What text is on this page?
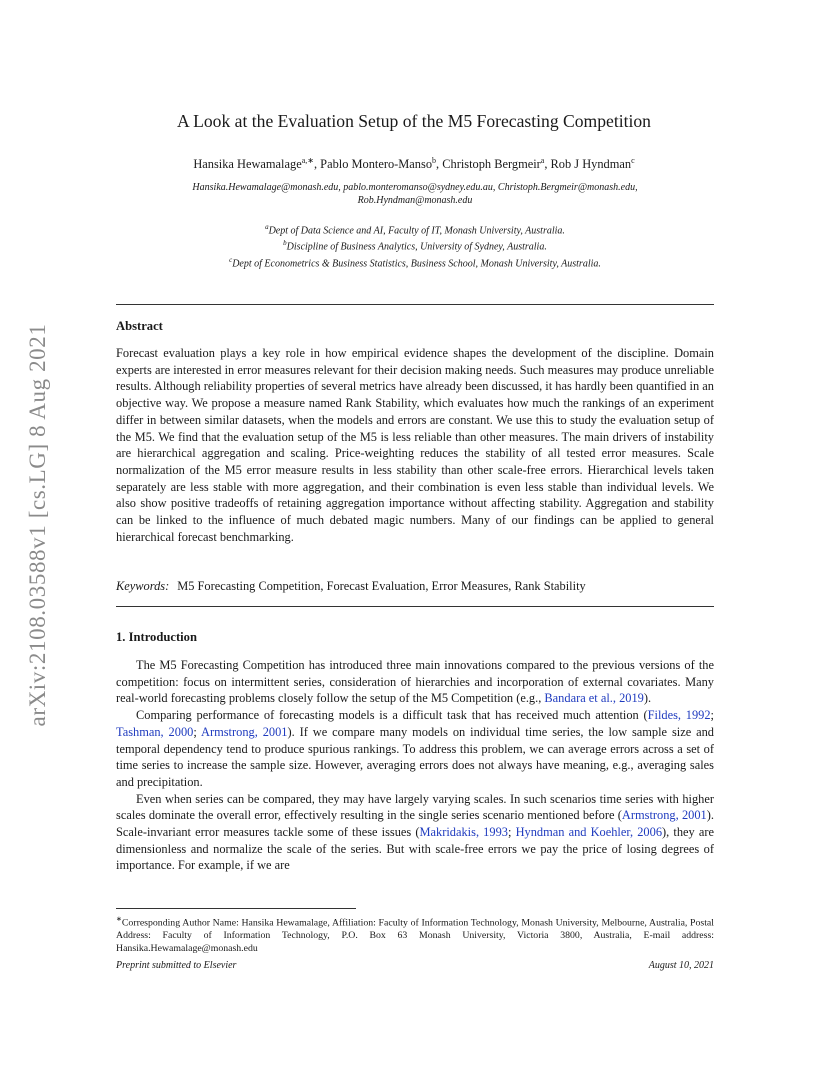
arXiv:2108.03588v1 [cs.LG] 8 Aug 2021
A Look at the Evaluation Setup of the M5 Forecasting Competition
Hansika Hewamalage$^{a,∗}$, Pablo Montero-Manso$^b$, Christoph Bergmeir$^a$, Rob J Hyndman$^c$
Hansika.Hewamalage@monash.edu, pablo.monteromanso@sydney.edu.au, Christoph.Bergmeir@monash.edu,
Rob.Hyndman@monash.edu
$^a$Dept of Data Science and AI, Faculty of IT, Monash University, Australia.
$^b$Discipline of Business Analytics, University of Sydney, Australia.
$^c$Dept of Econometrics & Business Statistics, Business School, Monash University, Australia.
Abstract

Forecast evaluation plays a key role in how empirical evidence shapes the development of the discipline. Domain experts are interested in error measures relevant for their decision making needs. Such measures may produce unreliable results. Although reliability properties of several metrics have already been discussed, it has hardly been quantified in an objective way. We propose a measure named Rank Stability, which evaluates how much the rankings of an experiment differ in between similar datasets, when the models and errors are constant. We use this to study the evaluation setup of the M5. We find that the evaluation setup of the M5 is less reliable than other measures. The main drivers of instability are hierarchical aggregation and scaling. Price-weighting reduces the stability of all tested error measures. Scale normalization of the M5 error measure results in less stability than other scale-free errors. Hierarchical levels taken separately are less stable with more aggregation, and their combination is even less stable than individual levels. We also show positive tradeoffs of retaining aggregation importance without affecting stability. Aggregation and stability can be linked to the influence of much debated magic numbers. Many of our findings can be applied to general hierarchical forecast benchmarking.

Keywords: M5 Forecasting Competition, Forecast Evaluation, Error Measures, Rank Stability
1. Introduction

The M5 Forecasting Competition has introduced three main innovations compared to the previous versions of the competition: focus on intermittent series, consideration of hierarchies and incorporation of external covariates. Many real-world forecasting problems closely follow the setup of the M5 Competition (e.g., Bandara et al., 2019).

Comparing performance of forecasting models is a difficult task that has received much attention (Fildes, 1992; Tashman, 2000; Armstrong, 2001). If we compare many models on individual time series, the low sample size and temporal dependency tend to produce spurious rankings. To address this problem, we can average errors across a set of time series to increase the sample size. However, averaging errors does not always have meaning, e.g., averaging sales and precipitation.

Even when series can be compared, they may have largely varying scales. In such scenarios time series with higher scales dominate the overall error, effectively resulting in the single series scenario mentioned before (Armstrong, 2001). Scale-invariant error measures tackle some of these issues (Makridakis, 1993; Hyndman and Koehler, 2006), they are dimensionless and normalize the scale of the series. But with scale-free errors we pay the price of losing degrees of importance. For example, if we are

∗Corresponding Author Name: Hansika Hewamalage, Affiliation: Faculty of Information Technology, Monash University, Melbourne, Australia, Postal Address: Faculty of Information Technology, P.O. Box 63 Monash University, Victoria 3800, Australia, E-mail address: Hansika.Hewamalage@monash.edu
Preprint submitted to Elsevier	August 10, 2021
